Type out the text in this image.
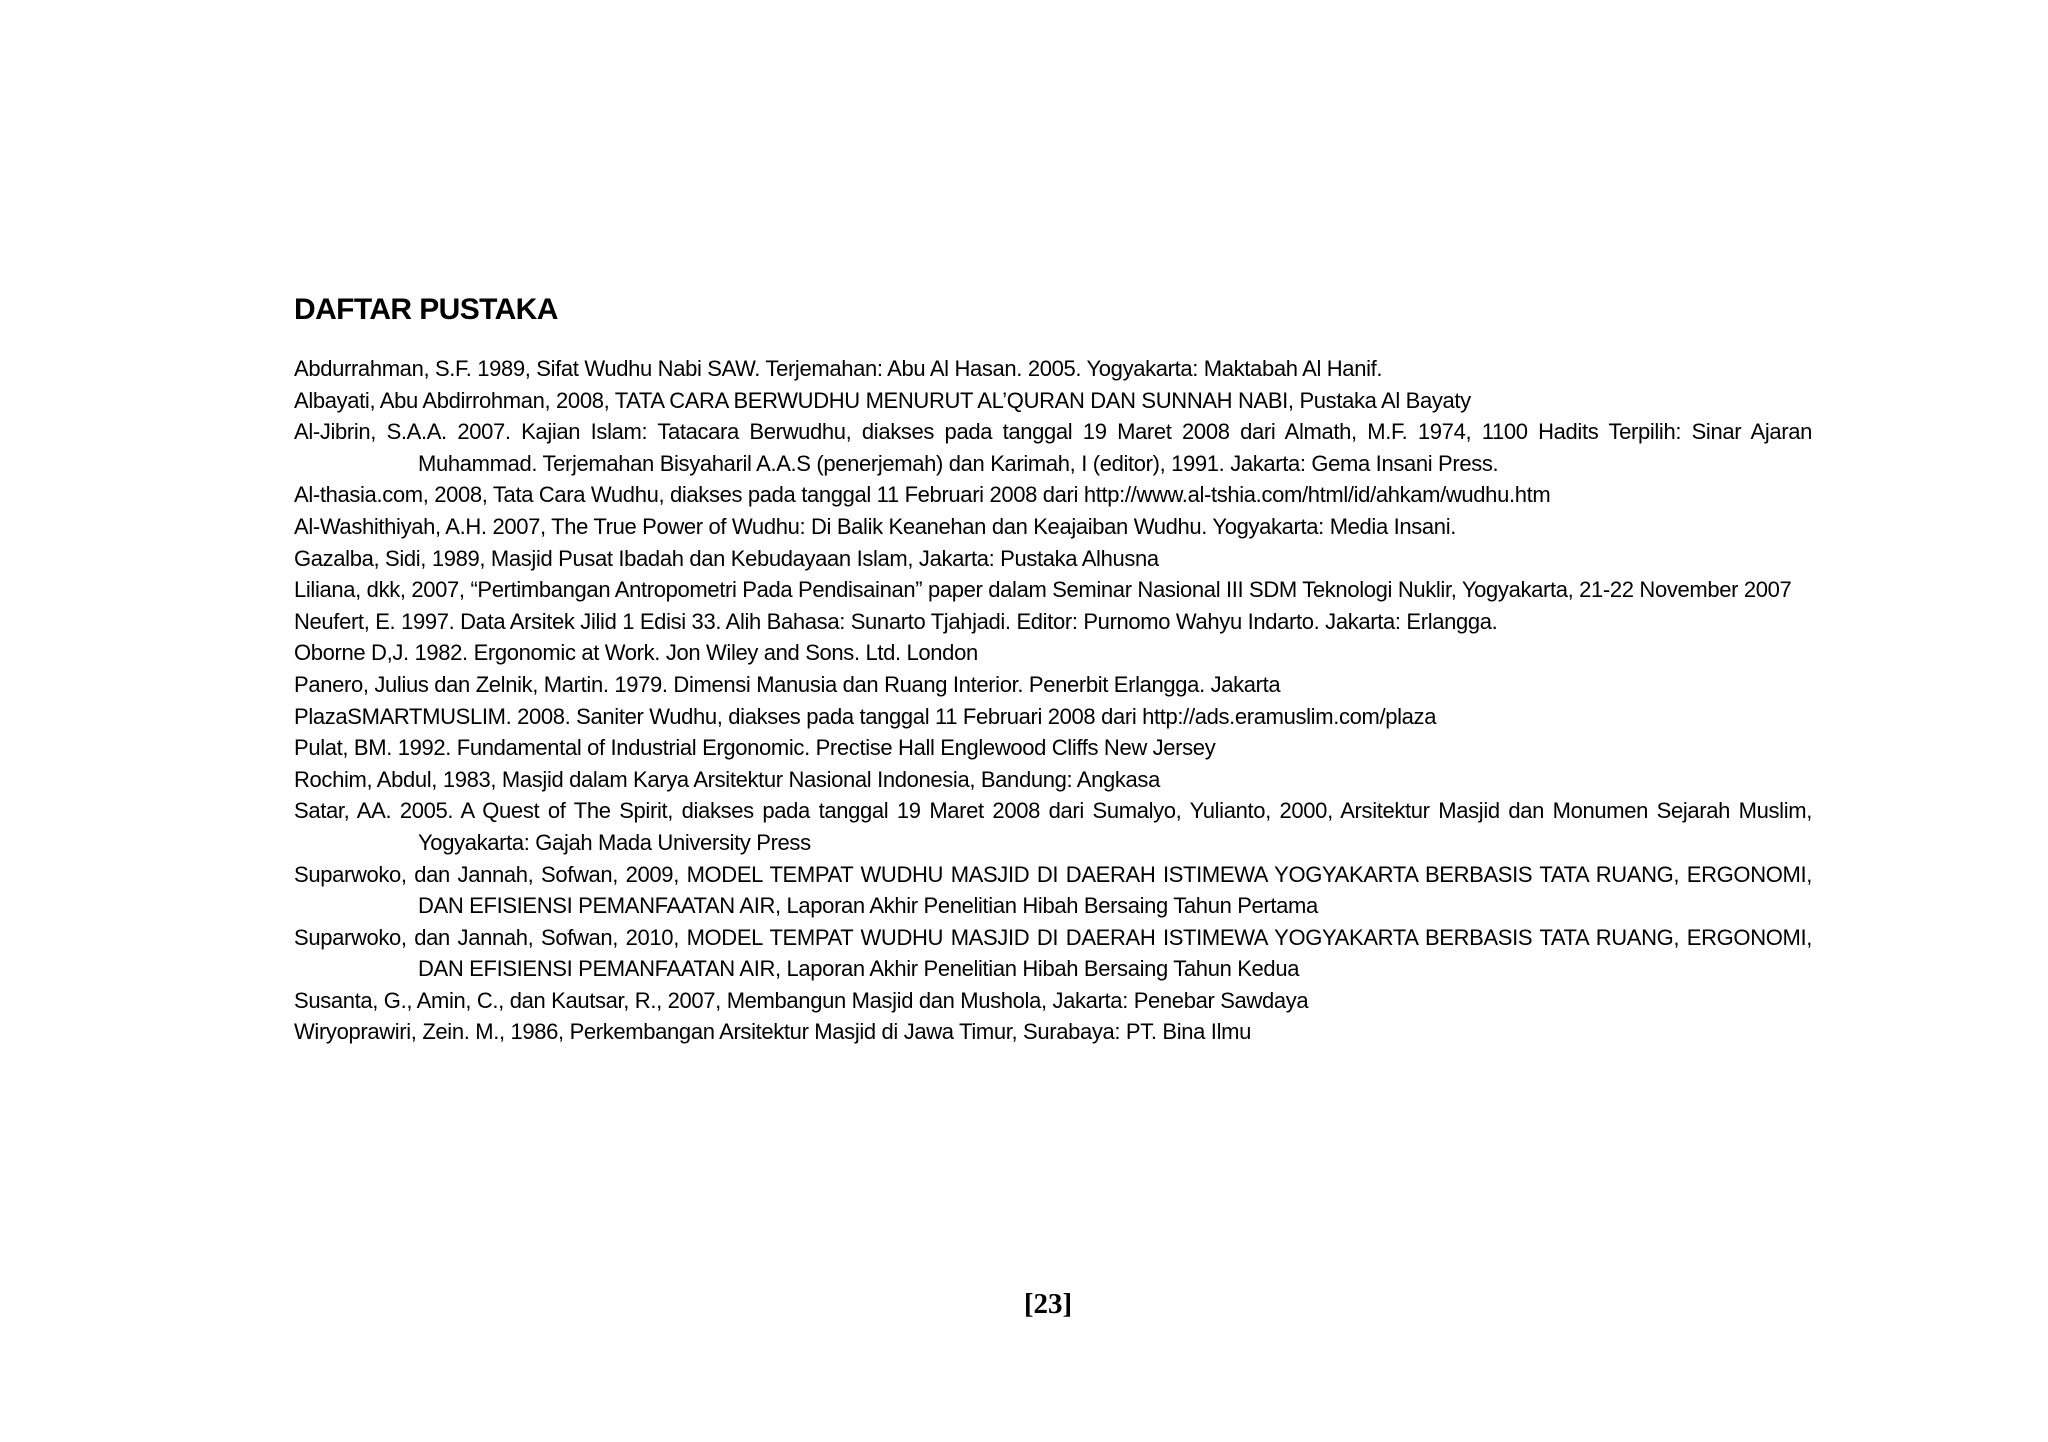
DAFTAR PUSTAKA
Abdurrahman, S.F. 1989, Sifat Wudhu Nabi SAW. Terjemahan: Abu Al Hasan. 2005. Yogyakarta: Maktabah Al Hanif.
Albayati, Abu Abdirrohman, 2008, TATA CARA BERWUDHU MENURUT AL’QURAN DAN SUNNAH NABI, Pustaka Al Bayaty
Al-Jibrin, S.A.A. 2007. Kajian Islam: Tatacara Berwudhu, diakses pada tanggal 19 Maret 2008 dari Almath, M.F. 1974, 1100 Hadits Terpilih: Sinar Ajaran Muhammad. Terjemahan Bisyaharil A.A.S (penerjemah) dan Karimah, I (editor), 1991. Jakarta: Gema Insani Press.
Al-thasia.com, 2008, Tata Cara Wudhu, diakses pada tanggal 11 Februari 2008 dari http://www.al-tshia.com/html/id/ahkam/wudhu.htm
Al-Washithiyah, A.H. 2007, The True Power of Wudhu: Di Balik Keanehan dan Keajaiban Wudhu. Yogyakarta: Media Insani.
Gazalba, Sidi, 1989, Masjid Pusat Ibadah dan Kebudayaan Islam, Jakarta: Pustaka Alhusna
Liliana, dkk, 2007, “Pertimbangan Antropometri Pada Pendisainan” paper dalam Seminar Nasional III SDM Teknologi Nuklir, Yogyakarta, 21-22 November 2007
Neufert, E. 1997. Data Arsitek Jilid 1 Edisi 33. Alih Bahasa: Sunarto Tjahjadi. Editor: Purnomo Wahyu Indarto. Jakarta: Erlangga.
Oborne D,J. 1982. Ergonomic at Work. Jon Wiley and Sons. Ltd. London
Panero, Julius dan Zelnik, Martin. 1979. Dimensi Manusia dan Ruang Interior. Penerbit Erlangga. Jakarta
PlazaSMARTMUSLIM. 2008. Saniter Wudhu, diakses pada tanggal 11 Februari 2008 dari http://ads.eramuslim.com/plaza
Pulat, BM. 1992. Fundamental of Industrial Ergonomic. Prectise Hall Englewood Cliffs New Jersey
Rochim, Abdul, 1983, Masjid dalam Karya Arsitektur Nasional Indonesia, Bandung: Angkasa
Satar, AA. 2005. A Quest of The Spirit, diakses pada tanggal 19 Maret 2008 dari Sumalyo, Yulianto, 2000, Arsitektur Masjid dan Monumen Sejarah Muslim, Yogyakarta: Gajah Mada University Press
Suparwoko, dan Jannah, Sofwan, 2009, MODEL TEMPAT WUDHU MASJID DI DAERAH ISTIMEWA YOGYAKARTA BERBASIS TATA RUANG, ERGONOMI, DAN EFISIENSI PEMANFAATAN AIR, Laporan Akhir Penelitian Hibah Bersaing Tahun Pertama
Suparwoko, dan Jannah, Sofwan, 2010, MODEL TEMPAT WUDHU MASJID DI DAERAH ISTIMEWA YOGYAKARTA BERBASIS TATA RUANG, ERGONOMI, DAN EFISIENSI PEMANFAATAN AIR, Laporan Akhir Penelitian Hibah Bersaing Tahun Kedua
Susanta, G., Amin, C., dan Kautsar, R., 2007, Membangun Masjid dan Mushola, Jakarta: Penebar Sawdaya
Wiryoprawiri, Zein. M., 1986, Perkembangan Arsitektur Masjid di Jawa Timur, Surabaya: PT. Bina Ilmu

[23]
